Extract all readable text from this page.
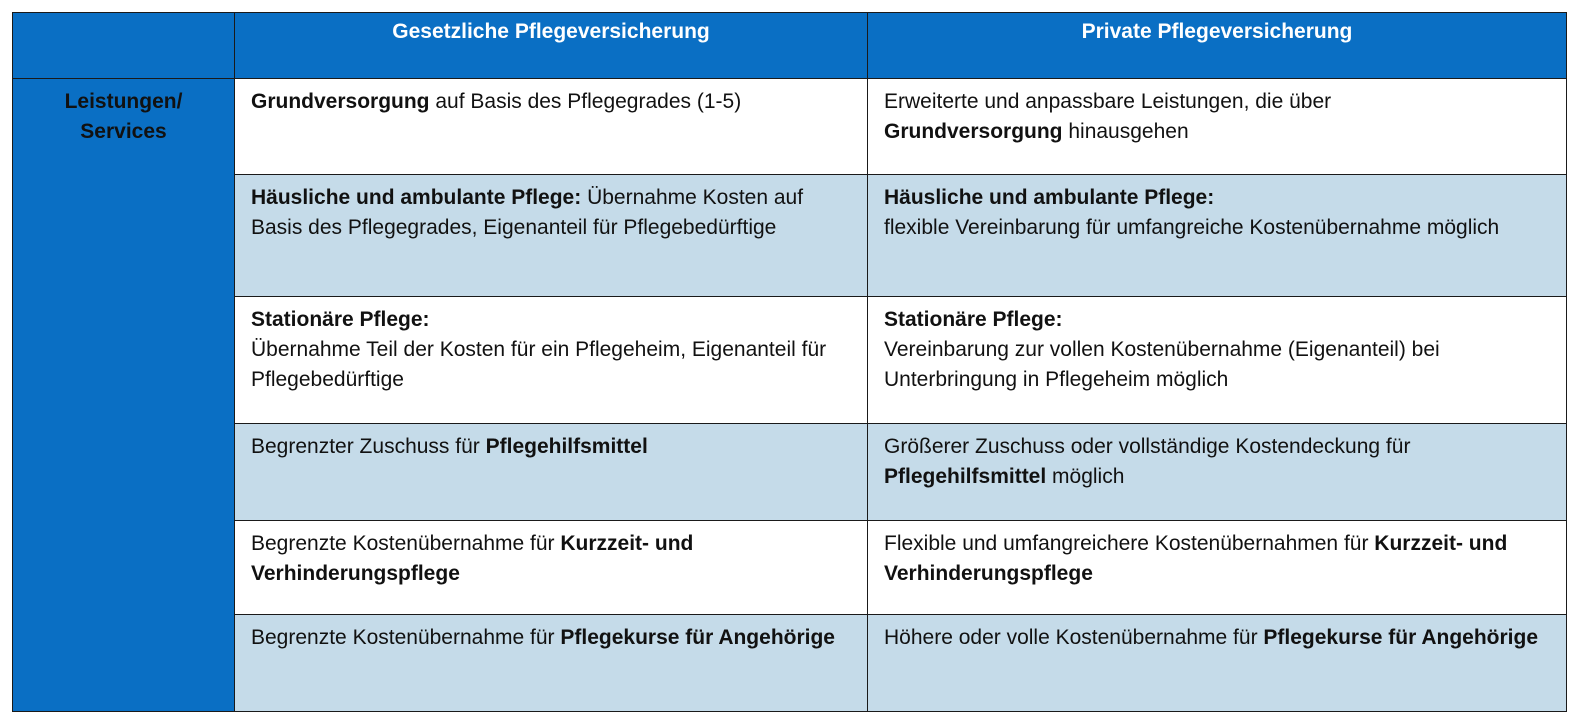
	Gesetzliche Pflegeversicherung	Private Pflegeversicherung

Leistungen/
Services	Grundversorgung auf Basis des Pflegegrades (1-5)	Erweiterte und anpassbare Leistungen, die über
Grundversorgung hinausgehen
	Häusliche und ambulante Pflege: Übernahme Kosten auf Basis des Pflegegrades, Eigenanteil für Pflegebedürftige	Häusliche und ambulante Pflege:
flexible Vereinbarung für umfangreiche Kostenübernahme möglich

	Stationäre Pflege:
Übernahme Teil der Kosten für ein Pflegeheim, Eigenanteil für Pflegebedürftige	Stationäre Pflege:
Vereinbarung zur vollen Kostenübernahme (Eigenanteil) bei Unterbringung in Pflegeheim möglich
	Begrenzter Zuschuss für Pflegehilfsmittel	Größerer Zuschuss oder vollständige Kostendeckung für Pflegehilfsmittel möglich
	Begrenzte Kostenübernahme für Kurzzeit- und Verhinderungspflege	Flexible und umfangreichere Kostenübernahmen für Kurzzeit- und Verhinderungspflege
	Begrenzte Kostenübernahme für Pflegekurse für Angehörige	Höhere oder volle Kostenübernahme für Pflegekurse für Angehörige
